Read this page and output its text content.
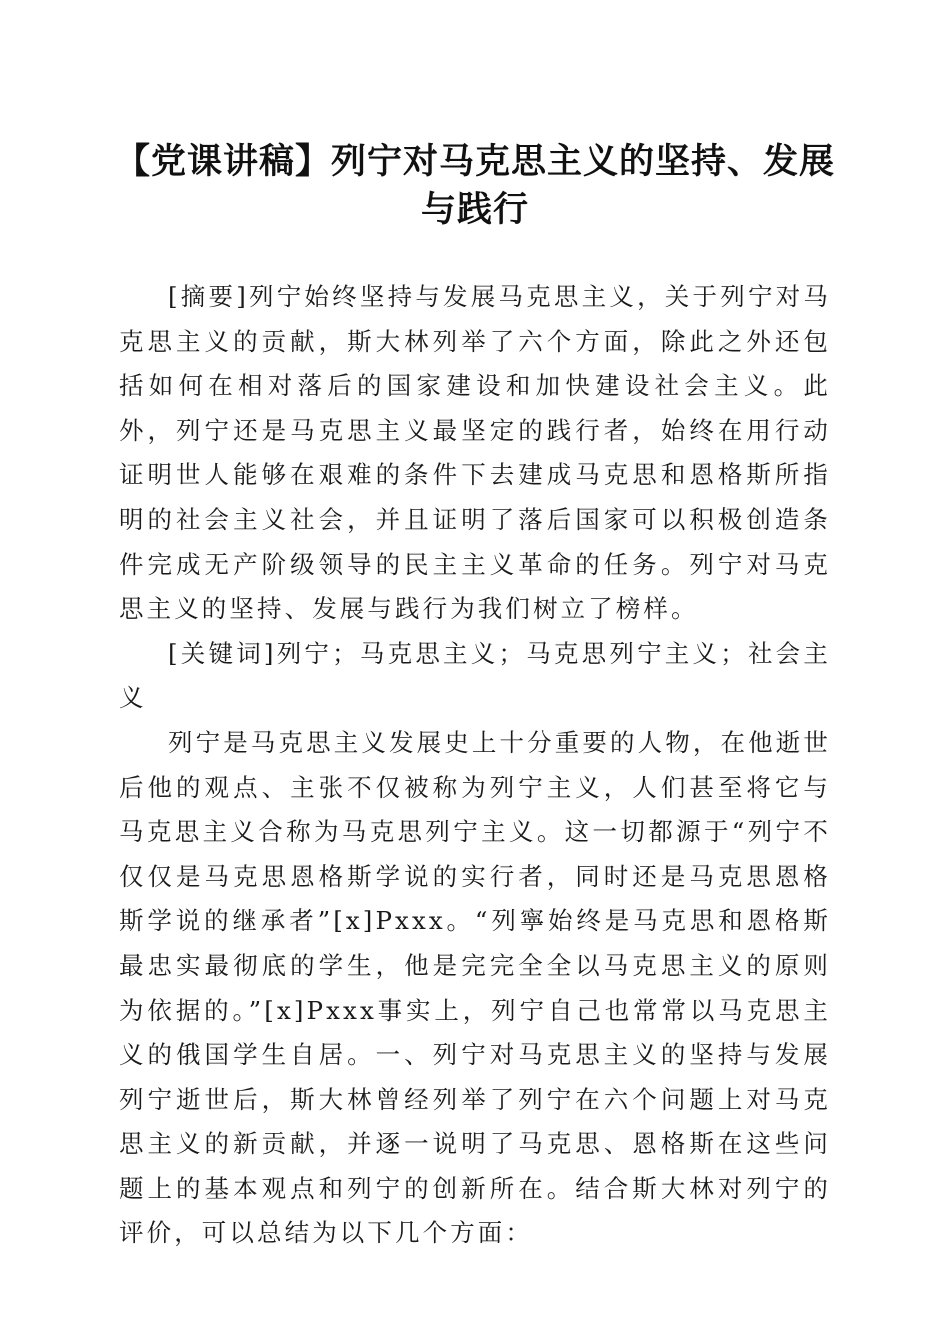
【党课讲稿】列宁对马克思主义的坚持、发展与践行

[摘要]列宁始终坚持与发展马克思主义，关于列宁对马克思主义的贡献，斯大林列举了六个方面，除此之外还包括如何在相对落后的国家建设和加快建设社会主义。此外，列宁还是马克思主义最坚定的践行者，始终在用行动证明世人能够在艰难的条件下去建成马克思和恩格斯所指明的社会主义社会，并且证明了落后国家可以积极创造条件完成无产阶级领导的民主主义革命的任务。列宁对马克思主义的坚持、发展与践行为我们树立了榜样。

[关键词]列宁；马克思主义；马克思列宁主义；社会主义

列宁是马克思主义发展史上十分重要的人物，在他逝世后他的观点、主张不仅被称为列宁主义，人们甚至将它与马克思主义合称为马克思列宁主义。这一切都源于“列宁不仅仅是马克思恩格斯学说的实行者，同时还是马克思恩格斯学说的继承者”[x]Pxxx。“列寧始终是马克思和恩格斯最忠实最彻底的学生，他是完完全全以马克思主义的原则为依据的。”[x]Pxxx事实上，列宁自己也常常以马克思主义的俄国学生自居。一、列宁对马克思主义的坚持与发展列宁逝世后，斯大林曾经列举了列宁在六个问题上对马克思主义的新贡献，并逐一说明了马克思、恩格斯在这些问题上的基本观点和列宁的创新所在。结合斯大林对列宁的评价，可以总结为以下几个方面：
